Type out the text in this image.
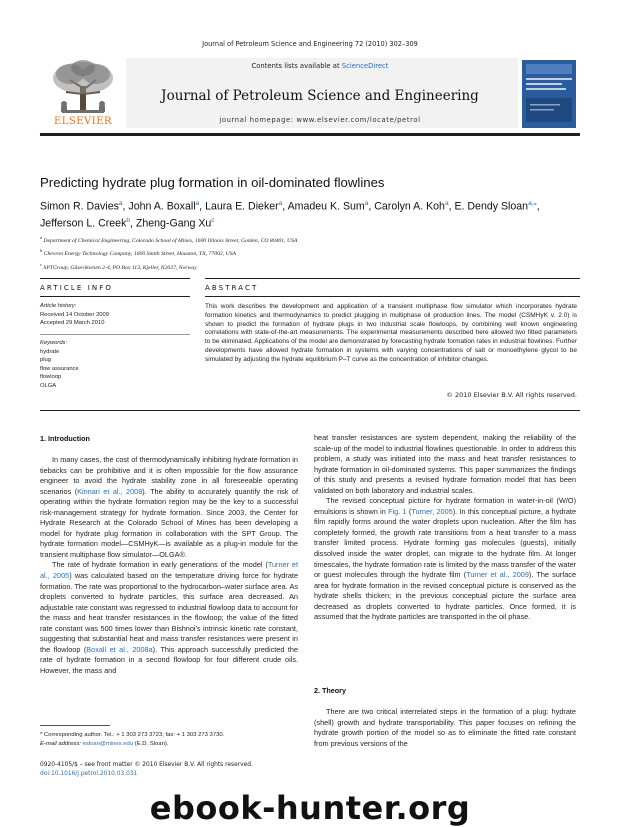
Journal of Petroleum Science and Engineering 72 (2010) 302–309
ELSEVIER
Contents lists available at ScienceDirect
Journal of Petroleum Science and Engineering
journal homepage: www.elsevier.com/locate/petrol
Predicting hydrate plug formation in oil-dominated flowlines
Simon R. Davies$^a$, John A. Boxall$^a$, Laura E. Dieker$^a$, Amadeu K. Sum$^a$, Carolyn A. Koh$^a$, E. Dendy Sloan$^{a,⁎}$,
Jefferson L. Creek$^b$, Zheng-Gang Xu$^c$
$^a$ Department of Chemical Engineering, Colorado School of Mines, 1600 Illinois Street, Golden, CO 80401, USA
$^b$ Chevron Energy Technology Company, 1600 Smith Street, Houston, TX, 77002, USA
$^c$ SPTGroup, Gåsevikveien 2-4, PO Box 113, Kjeller, N2027, Norway
ARTICLE INFO	ABSTRACT
Article history:
Received 14 October 2009
Accepted 29 March 2010
Keywords:
hydrate
plug
flow assurance
flowloop
OLGA
This work describes the development and application of a transient multiphase flow simulator which incorporates hydrate formation kinetics and thermodynamics to predict plugging in multiphase oil production lines. The model (CSMHyK v. 2.0) is shown to predict the formation of hydrate plugs in two industrial scale flowloops, by combining well known engineering correlations with state-of-the-art measurements. The experimental measurements described here allowed two fitted parameters to be eliminated. Applications of the model are demonstrated by forecasting hydrate formation rates in industrial flowlines. Further developments have allowed hydrate formation in systems with varying concentrations of salt or monoethylene glycol to be simulated by adjusting the hydrate equilibrium P–T curve as the concentration of inhibitor changes.
© 2010 Elsevier B.V. All rights reserved.
1. Introduction

In many cases, the cost of thermodynamically inhibiting hydrate formation in tiebacks can be prohibitive and it is often impossible for the flow assurance engineer to avoid the hydrate stability zone in all foreseeable operating scenarios (Kinnari et al., 2008). The ability to accurately quantify the risk of operating within the hydrate formation region may be the key to a successful risk-management strategy for hydrate formation. Since 2003, the Center for Hydrate Research at the Colorado School of Mines has been developing a model for hydrate plug formation in collaboration with the SPT Group. The hydrate formation model—CSMHyK—is available as a plug-in module for the transient multiphase flow simulator—OLGA®.

The rate of hydrate formation in early generations of the model (Turner et al., 2005) was calculated based on the temperature driving force for hydrate formation. The rate was proportional to the hydrocarbon–water surface area. As droplets converted to hydrate particles, this surface area decreased. An adjustable rate constant was regressed to industrial flowloop data to account for the mass and heat transfer resistances in the flowloop; the value of the fitted rate constant was 500 times lower than Bishnoi's intrinsic kinetic rate constant, suggesting that substantial heat and mass transfer resistances were present in the flowloop (Boxall et al., 2008a). This approach successfully predicted the rate of hydrate formation in a second flowloop for four different crude oils. However, the mass and

heat transfer resistances are system dependent, making the reliability of the scale-up of the model to industrial flowlines questionable. In order to address this problem, a study was initiated into the mass and heat transfer resistances to hydrate formation in oil-dominated systems. This paper summarizes the findings of this study and presents a revised hydrate formation model that has been validated on both laboratory and industrial scales.

The revised conceptual picture for hydrate formation in water-in-oil (W/O) emulsions is shown in Fig. 1 (Turner, 2005). In this conceptual picture, a hydrate film rapidly forms around the water droplets upon nucleation. After the film has completely formed, the growth rate transitions from a heat transfer to a mass transfer limited process. Hydrate forming gas molecules (guests), initially dissolved inside the water droplet, can migrate to the hydrate film. At longer timescales, the hydrate formation rate is limited by the mass transfer of the water or guest molecules through the hydrate film (Turner et al., 2009). The surface area for hydrate formation in the revised conceptual picture is conserved as the hydrate shells thicken; in the previous conceptual picture the surface area decreased as droplets converted to hydrate particles. Once formed, it is assumed that the hydrate particles are transported in the oil phase.

2. Theory

There are two critical interrelated steps in the formation of a plug: hydrate (shell) growth and hydrate transportability. This paper focuses on refining the hydrate growth portion of the model so as to eliminate the fitted rate constant from previous versions of the

* Corresponding author. Tel.: + 1 303 273 3723; fax: + 1 303 273 3730.
E-mail address: esloan@mines.edu (E.D. Sloan).
0920-4105/$ – see front matter © 2010 Elsevier B.V. All rights reserved.
doi:10.1016/j.petrol.2010.03.031
ebook-hunter.org
